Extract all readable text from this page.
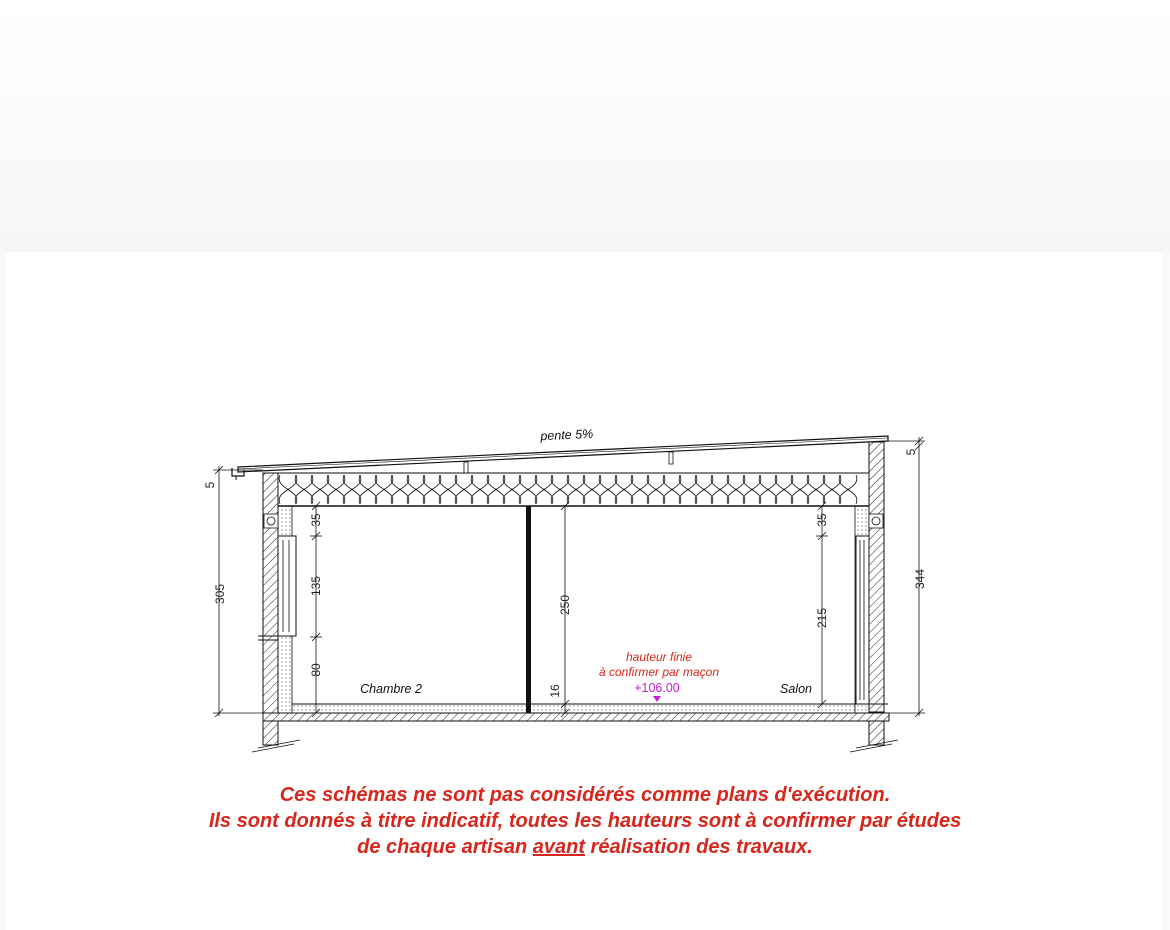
5
305
35
135
80
250
16
35
215
344
5
pente 5%
Chambre 2	Salon
hauteur finie
à confirmer par maçon
+106.00
Ces schémas ne sont pas considérés comme plans d'exécution.
Ils sont donnés à titre indicatif, toutes les hauteurs sont à confirmer par études
de chaque artisan avant réalisation des travaux.
